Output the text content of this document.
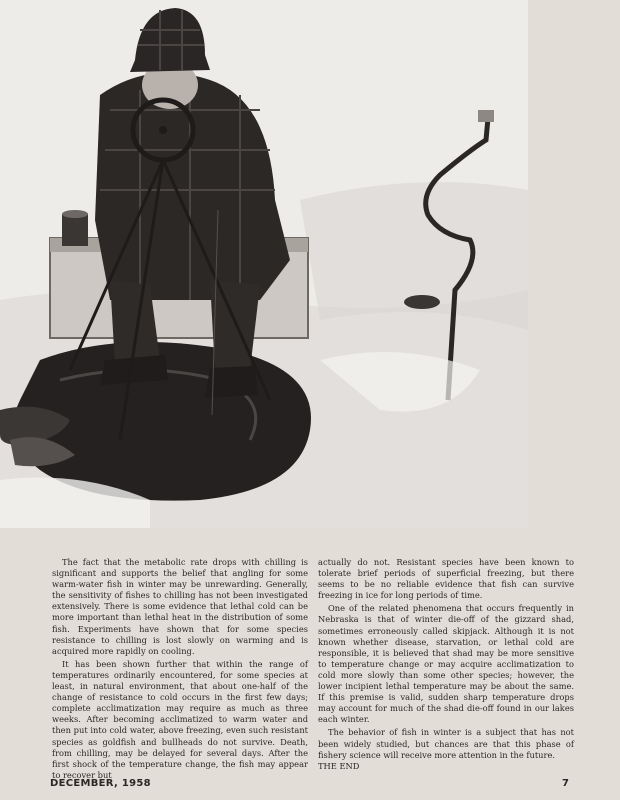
The fact that the metabolic rate drops with chilling is significant and supports the belief that angling for some warm-water fish in winter may be unrewarding. Generally, the sensitivity of fishes to chilling has not been investigated extensively. There is some evidence that lethal cold can be more important than lethal heat in the distribution of some fish. Experiments have shown that for some species resistance to chilling is lost slowly on warming and is acquired more rapidly on cooling.

It has been shown further that within the range of temperatures ordinarily encountered, for some species at least, in natural environment, that about one-half of the change of resistance to cold occurs in the first few days; complete acclimatization may require as much as three weeks. After becoming acclimatized to warm water and then put into cold water, above freezing, even such resistant species as goldfish and bullheads do not survive. Death, from chilling, may be delayed for several days. After the first shock of the temperature change, the fish may appear to recover but

actually do not. Resistant species have been known to tolerate brief periods of superficial freezing, but there seems to be no reliable evidence that fish can survive freezing in ice for long periods of time.

One of the related phenomena that occurs frequently in Nebraska is that of winter die-off of the gizzard shad, sometimes erroneously called skipjack. Although it is not known whether disease, starvation, or lethal cold are responsible, it is believed that shad may be more sensitive to temperature change or may acquire acclimatization to cold more slowly than some other species; however, the lower incipient lethal temperature may be about the same. If this premise is valid, sudden sharp temperature drops may account for much of the shad die-off found in our lakes each winter.

The behavior of fish in winter is a subject that has not been widely studied, but chances are that this phase of fishery science will receive more attention in the future.

THE END
DECEMBER, 1958	7
